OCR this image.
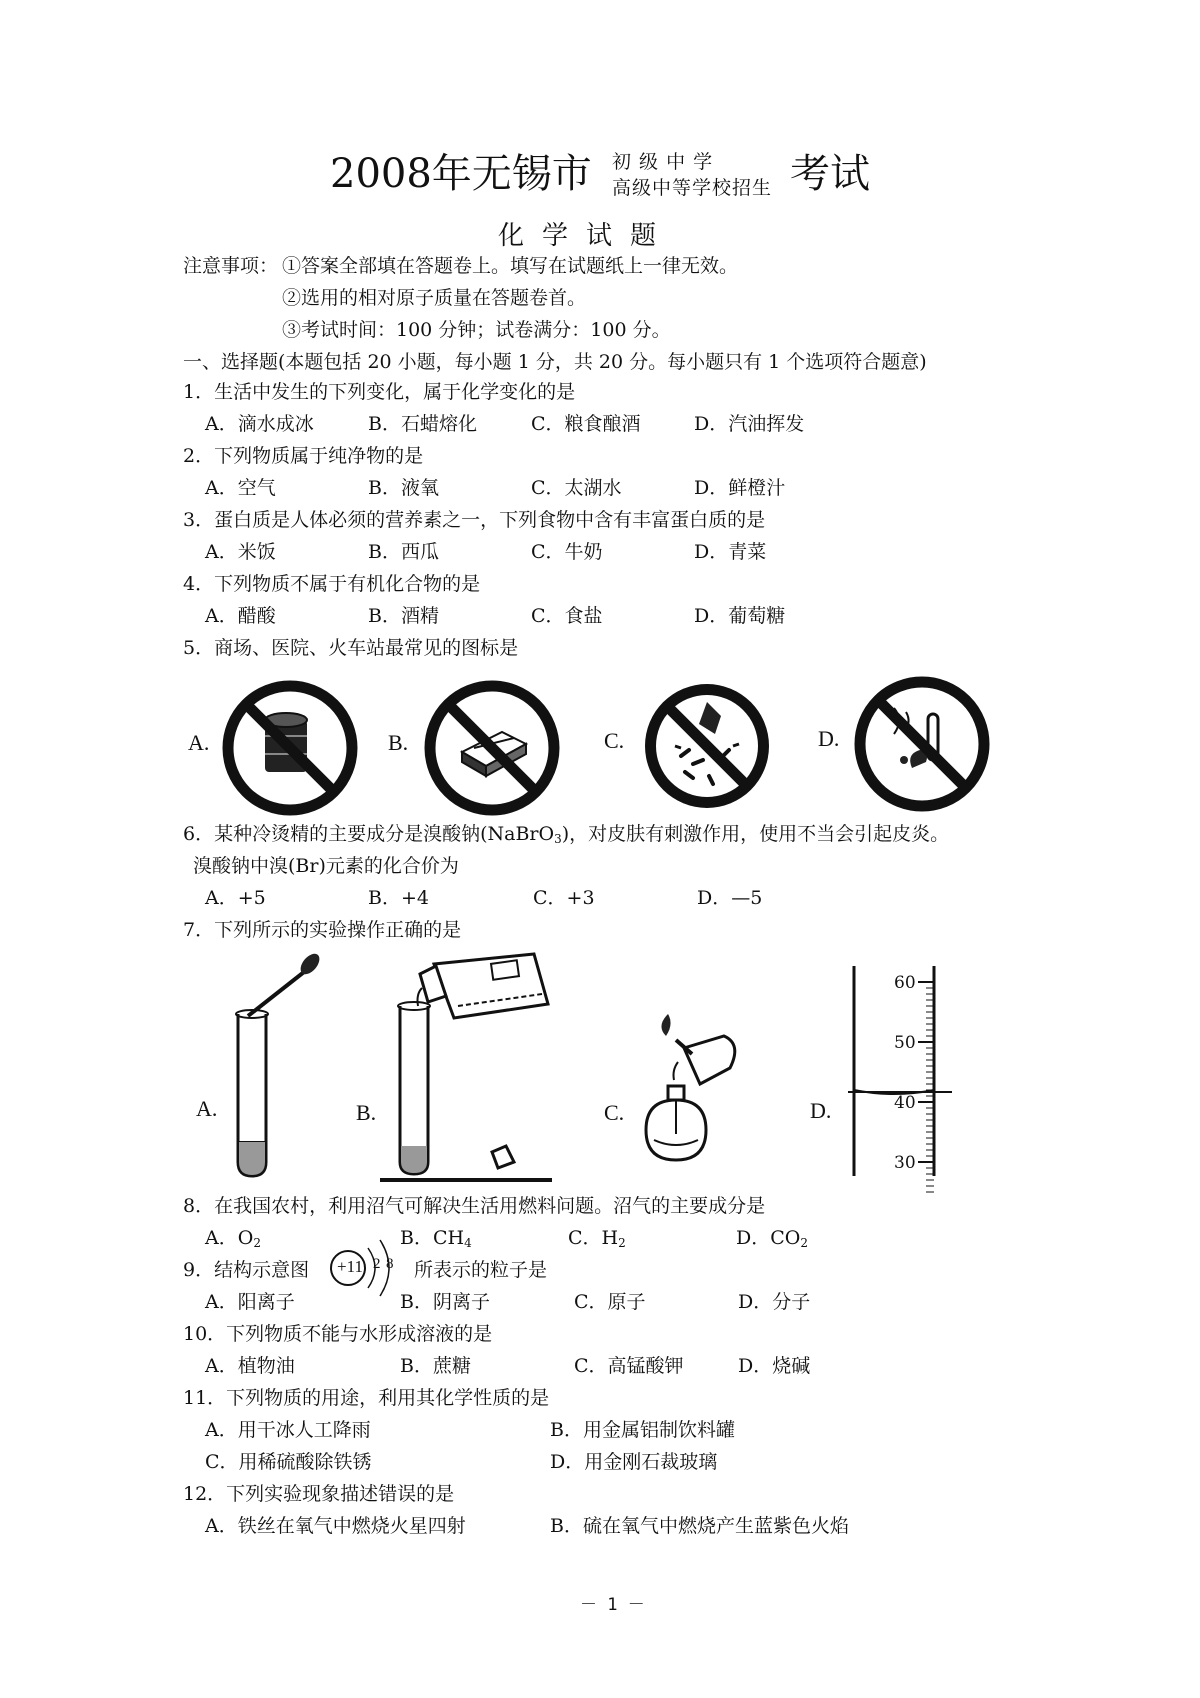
2008年无锡市 初 级 中 学
高级中等学校招生 考试
化学试题
注意事项： ①答案全部填在答题卷上。填写在试题纸上一律无效。
②选用的相对原子质量在答题卷首。
③考试时间：100 分钟；试卷满分：100 分。
一、选择题(本题包括 20 小题，每小题 1 分，共 20 分。每小题只有 1 个选项符合题意)
1．生活中发生的下列变化，属于化学变化的是
A．滴水成冰	B．石蜡熔化	C．粮食酿酒	D．汽油挥发
2．下列物质属于纯净物的是
A．空气	B．液氧	C．太湖水	D．鲜橙汁
3．蛋白质是人体必须的营养素之一，下列食物中含有丰富蛋白质的是
A．米饭	B．西瓜	C．牛奶	D．青菜
4．下列物质不属于有机化合物的是
A．醋酸	B．酒精	C．食盐	D．葡萄糖
5．商场、医院、火车站最常见的图标是
A.	B.	C.	D.
6．某种冷烫精的主要成分是溴酸钠(NaBrO$_3$)，对皮肤有刺激作用，使用不当会引起皮炎。
溴酸钠中溴(Br)元素的化合价为
A．+5	B．+4	C．+3	D．—5
7．下列所示的实验操作正确的是
A.	B.	C.	D.
60
50
40
30
8．在我国农村，利用沼气可解决生活用燃料问题。沼气的主要成分是
A．$O_2$	B．$CH_4$	C．$H_2$	D．$CO_2$
9．结构示意图 +11 2 8 所表示的粒子是
A．阳离子	B．阴离子	C．原子	D．分子
10．下列物质不能与水形成溶液的是
A．植物油	B．蔗糖	C．高锰酸钾	D．烧碱
11．下列物质的用途，利用其化学性质的是
A．用干冰人工降雨	B．用金属铝制饮料罐
C．用稀硫酸除铁锈	D．用金刚石裁玻璃
12．下列实验现象描述错误的是
A．铁丝在氧气中燃烧火星四射	B．硫在氧气中燃烧产生蓝紫色火焰
－ 1 －
